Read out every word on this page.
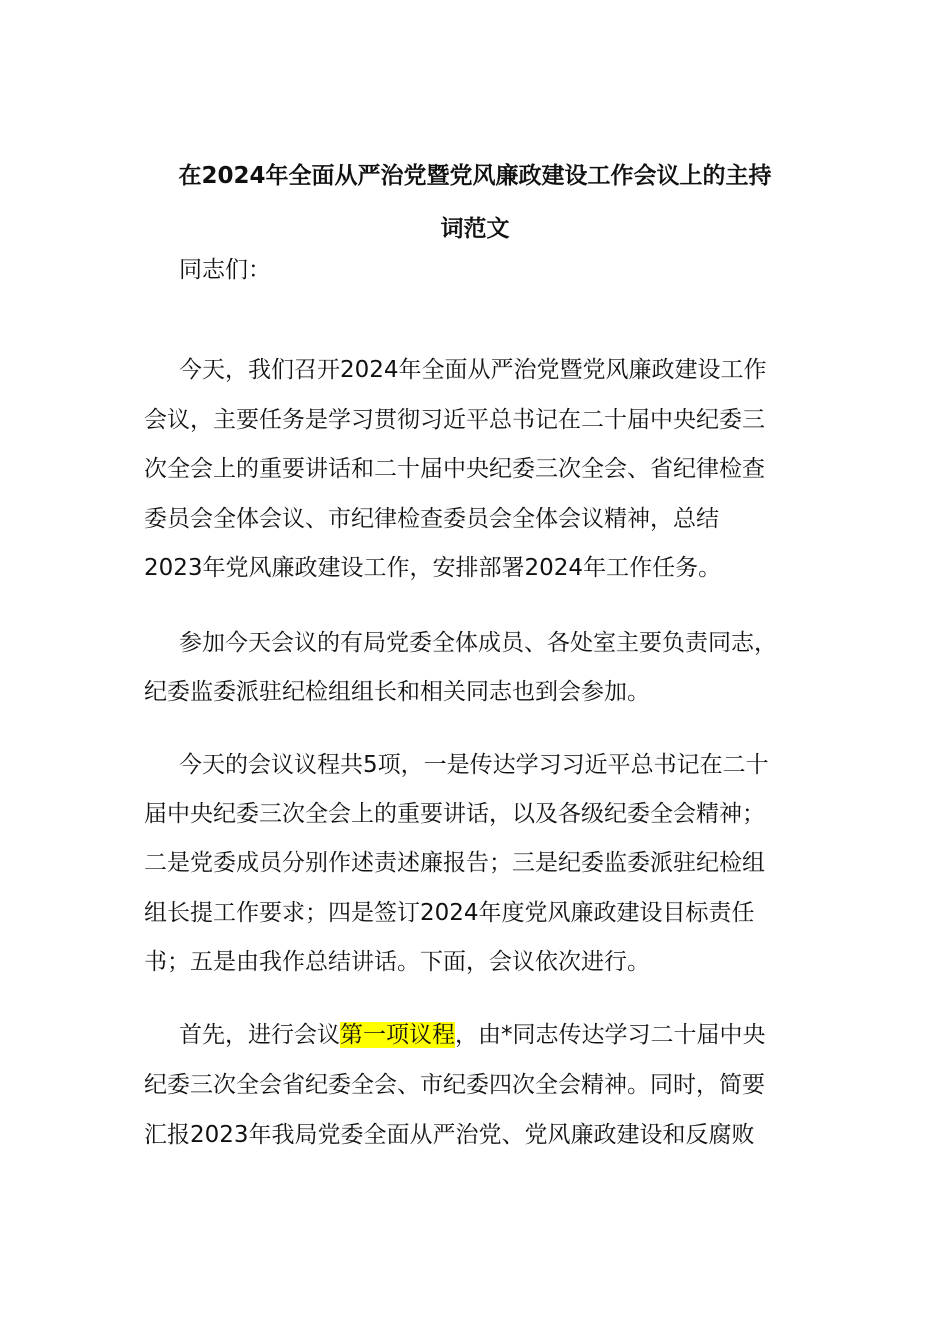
在2024年全面从严治党暨党风廉政建设工作会议上的主持
词范文
同志们：
今天，我们召开2024年全面从严治党暨党风廉政建设工作
会议，主要任务是学习贯彻习近平总书记在二十届中央纪委三
次全会上的重要讲话和二十届中央纪委三次全会、省纪律检查
委员会全体会议、市纪律检查委员会全体会议精神，总结
2023年党风廉政建设工作，安排部署2024年工作任务。
参加今天会议的有局党委全体成员、各处室主要负责同志，
纪委监委派驻纪检组组长和相关同志也到会参加。
今天的会议议程共5项，一是传达学习习近平总书记在二十
届中央纪委三次全会上的重要讲话，以及各级纪委全会精神；
二是党委成员分别作述责述廉报告；三是纪委监委派驻纪检组
组长提工作要求；四是签订2024年度党风廉政建设目标责任
书；五是由我作总结讲话。下面，会议依次进行。
首先，进行会议第一项议程，由*同志传达学习二十届中央
纪委三次全会省纪委全会、市纪委四次全会精神。同时，简要
汇报2023年我局党委全面从严治党、党风廉政建设和反腐败
